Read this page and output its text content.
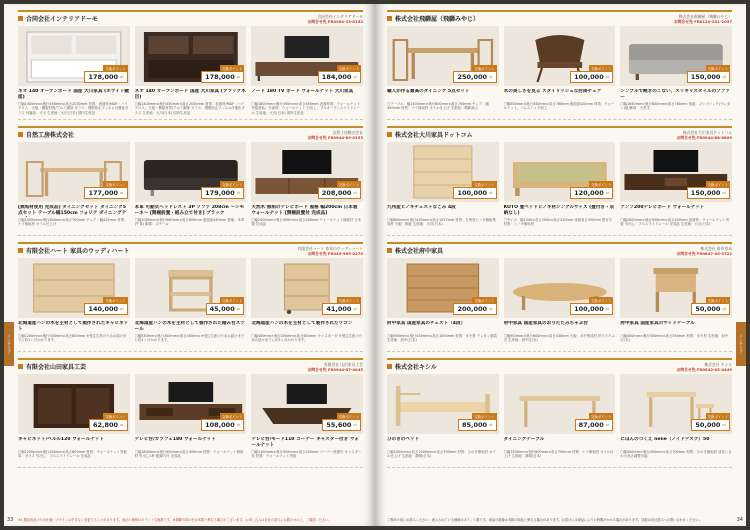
インテリア
合同会社インテリアドーモ	合同会社インテリアドーモ
お問合せ先 FR0564-33-0152
交換ポイント
178,000 pt
ネオ 140 オープンボード 国産 大川家具 (ホワイト鏡面)
□幅1400mm×奥行450mm×高さ2030mm 材質：表面材/MDF・ハイグロス、天板・側板材質/アルミ脚部 ガラス：飛散防止フィルム付強化ガラス 付属品：ダボ 生産地：大川(日本) 国内生産品
交換ポイント
178,000 pt
ネオ 140 オープンボード 国産 大川家具 (ブラック木目)
□幅1400mm×奥行450mm×高さ2030mm 材質：表面材/MDF・ハイグロス、天板・側板材質/アルミ脚部 ガラス：飛散防止フィルム付強化ガラス 生産地：大川(日本) 国内生産品
交換ポイント
184,000 pt
ノード 180 TV ボード ウォールナット 大川家具
□幅1800mm×奥行450mm×高さ450mm 表面材質：ウォールナット突板塗装、木部材：ウォールナット 引出し：フルオープンスライドレール 生産地：大川(日本) 国内生産品
自然工房株式会社	自然工房株式会社
お問合せ先 FR0944-89-0353
交換ポイント
177,000 pt
[無垢材使用 完成品] ダイニングセット ダイニング5点セット テーブル幅150cm フォリア ダイニングテ
□幅1500mm×奥行800mm×高さ700mm チェア：幅435mm 材質：ナラ無垢材 オイル仕上げ
交換ポイント
179,000 pt
本革 可動式ヘッドレスト 3P ソファ 208cm ～シモーネ～ [開梱設置・組み立て付き] ブラック
□幅2080mm×奥行960mm×高さ800mm 座面高440mm 張地：本革(牛革) 脚部：スチール
交換ポイント
208,000 pt
天然木 無垢のテレビボード 風格 幅200cm 日本製 ウォールナット [開梱設置付 完成品]
□幅2000mm×奥行450mm×高さ400mm ウォールナット無垢材 日本製 完成品
有限会社ハート 家具のウッディハート	有限会社ハート 家具のウッディハート
お問合せ先 FR045-985-0275
交換ポイント
140,000 pt
北海道産ハンの木を主材として製作されたキャビネット
□幅1200mm×奥行500mm×高さ850mm ※受注生産のためお届けまでに約1ヶ月かかります。
交換ポイント
45,000 pt
北海道産ハンの木を主材として製作された踏み台スツール
□幅530mm×奥行350mm×高さ450mm ※受注生産のためお届けまでに約1ヶ月かかります。
交換ポイント
41,000 pt
北海道産ハンの木を主材として製作されたワゴン
□幅400mm×奥行300mm×高さ650mm キャスター付 ※受注生産のためお届けまでに約1ヶ月かかります。
有限会社山田家具工芸	有限会社 山田家具工芸
お問合せ先 FR0944-47-4045
交換ポイント
62,800 pt
キャビネット/ベルル120 ウォールナット
□幅1200mm×奥行400mm×高さ800mm 材質：ウォールナット突板 扉：ガラス 引出し：フルスライドレール 完成品
交換ポイント
108,000 pt
テレビ台/カラフェ180 ウォールナット
□幅1800mm×奥行450mm×高さ400mm 材質：ウォールナット無垢材 引出し2杯 配線穴付 完成品
交換ポイント
55,600 pt
テレビ台/モード110 コーナー キャスター付き ウォールナット
□幅1100mm×奥行450mm×高さ450mm コーナー設置可 キャスター付 材質：ウォールナット突板
※1 製品改良のため仕様・デザインは予告なく変更することがあります。表記の価格はポイント交換数です。※掲載写真の色は実際と異なる場合がございます。お申し込みは各社の窓口にお問合せの上、ご確認ください。
33
インテリア
株式会社飛騨屋（飛騨みやじ）	株式会社飛騨屋（飛騨みやじ）
お問合せ先 FR0120-251-2037
交換ポイント
250,000 pt
職人が作る最高のダイニング 5点セット
□テーブル：幅1500mm×奥行800mm×高さ700mm チェア：幅450mm 材質：ナラ無垢材 オイル仕上げ 生産地：飛騨高山
交換ポイント
100,000 pt
木の美しさを見る スタイリッシュな肘掛チェア
□幅550mm×奥行540mm×高さ760mm 座面高420mm 材質：ウォールナット、ノムストップ加工
交換ポイント
150,000 pt
シンプルで飽きのこない、スッキリスタイルのソファー
□幅1650mm×奥行800mm×高さ780mm 張地：ファブリック(ウレタン)地 脚部：天然木
株式会社大川家具ドットコム	株式会社大川家具ドットコム
お問合せ先 FR0944-88-8809
交換ポイント
100,000 pt
九州産ヒノキチェストなごみ 4段
□幅800mm×奥行445mm×高さ1027mm 材質：九州産ヒノキ無垢集成材 天板：桐板 生産地：大川(日本)
交換ポイント
120,000 pt
KOTO 畳ベッドヒノキ材シングルサイズ (畳付き・収納なし)
□サイズ：幅1000×長さ2000×高さ320mm 床面高さ350mm 畳付き 材質：ヒノキ無垢材
交換ポイント
150,000 pt
アンソ200テレビボード ウォールナット
□幅2000mm×奥行450mm×高さ420mm 表面材：ウォールナット突板 引出し：フルスライドレール 完成品 生産地：大川(日本)
株式会社府中家具	株式会社 府中家具
お問合せ先 FR0847-45-3722
交換ポイント
200,000 pt
府中家具 国産家具のチェスト（4段）
□幅900mm×奥行450mm×高さ1050mm 材質：タモ材 ウレタン塗装 生産地：府中(日本)
交換ポイント
100,000 pt
府中家具 国産家具のおりたたみちゃぶ台
□幅900mm×奥行600mm×高さ330mm 天板：タモ集成材 折りたたみ式 生産地：府中(日本)
交換ポイント
50,000 pt
府中家具 国産家具のサイドテーブル
□幅450mm×奥行350mm×高さ550mm 材質：タモ材 生産地：府中(日本)
株式会社キシル	株式会社 キシル
お問合せ先 FR0542-05-4449
交換ポイント
85,000 pt
ひのきのベッド
□幅1000mm×長さ2000mm×高さ790mm 材質：ひのき無垢材 オイル仕上げ 生産地：静岡(日本)
交換ポイント
87,000 pt
ダイニングテーブル
□幅1500mm×奥行800mm×高さ700mm 材質：ナラ無垢材 オイル仕上げ 生産地：静岡(日本)
交換ポイント
50,000 pt
にほんのつくえ nene（ノイドデスク）50
□幅500mm×奥行450mm×高さ700mm 材質：ひのき無垢材 成長に合わせ高さ調整可能
ご利用の前にお読みください：表示されている価格はポイント数です。商品の画像は実際の商品と異なる場合があります。お届けには商品によりお時間がかかる場合があります。詳細は各社窓口へお問い合わせください。	34
